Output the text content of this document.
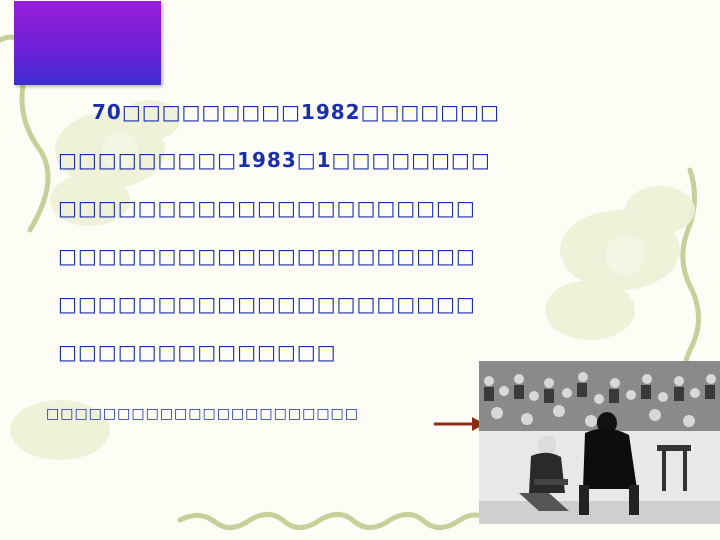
70□□□□□□□□□1982□□□□□□□
□□□□□□□□□1983□1□□□□□□□□
□□□□□□□□□□□□□□□□□□□□□
□□□□□□□□□□□□□□□□□□□□□
□□□□□□□□□□□□□□□□□□□□□
□□□□□□□□□□□□□□
□□□□□□□□□□□□□□□□□□□□□□
